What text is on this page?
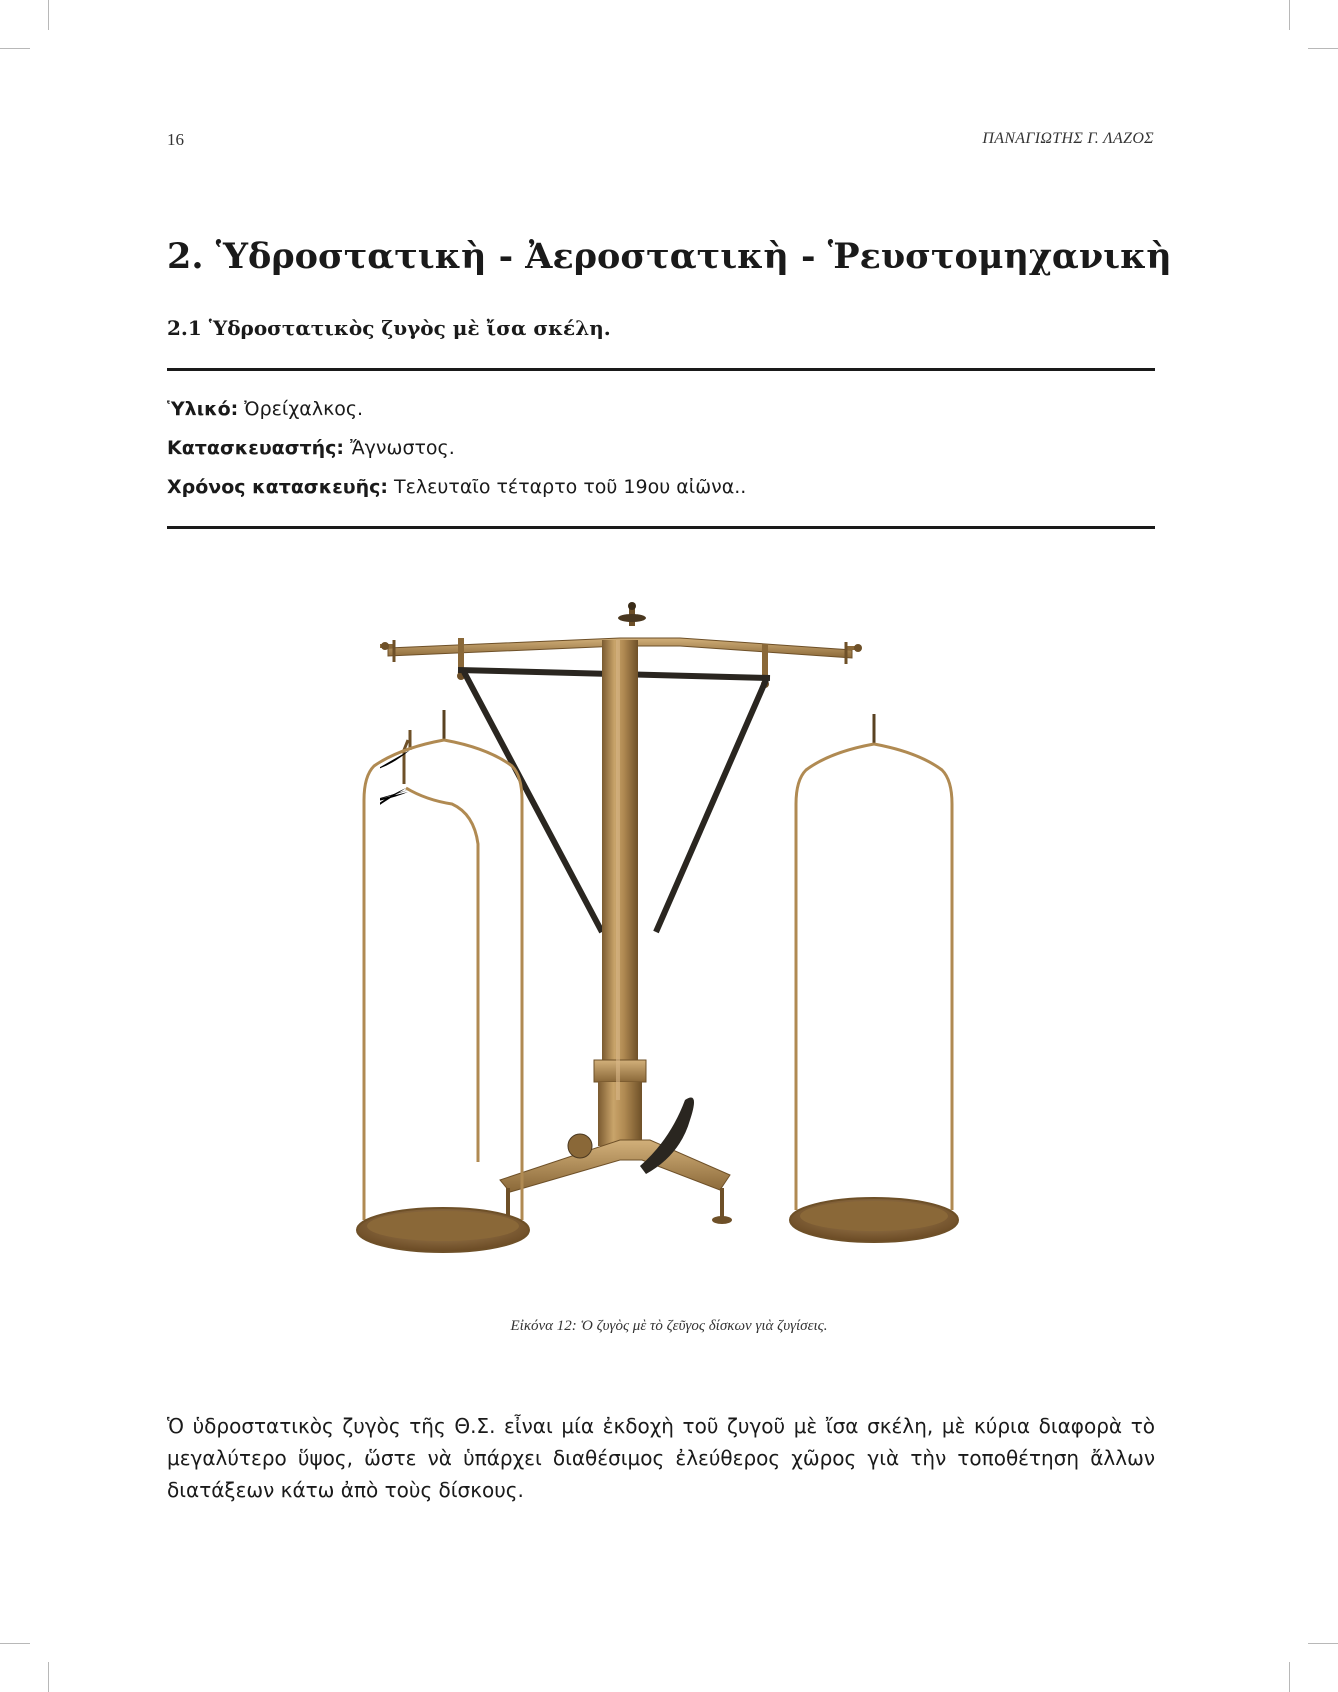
16	ΠΑΝΑΓΙΩΤΗΣ Γ. ΛΑΖΟΣ
2. Ὑδροστατικὴ - Ἀεροστατικὴ - Ῥευστομηχανικὴ
2.1 Ὑδροστατικὸς ζυγὸς μὲ ἴσα σκέλη.

Ὑλικό: Ὀρείχαλκος.

Κατασκευαστής: Ἄγνωστος.

Χρόνος κατασκευῆς: Τελευταῖο τέταρτο τοῦ 19ου αἰῶνα..

Εἰκόνα 12: Ὁ ζυγὸς μὲ τὸ ζεῦγος δίσκων γιὰ ζυγίσεις.

Ὁ ὑδροστατικὸς ζυγὸς τῆς Θ.Σ. εἶναι μία ἐκδοχὴ τοῦ ζυγοῦ μὲ ἴσα σκέλη, μὲ κύρια διαφορὰ τὸ μεγαλύτερο ὕψος, ὥστε νὰ ὑπάρχει διαθέσιμος ἐλεύθερος χῶρος γιὰ τὴν τοποθέτηση ἄλλων διατάξεων κάτω ἀπὸ τοὺς δίσκους.
